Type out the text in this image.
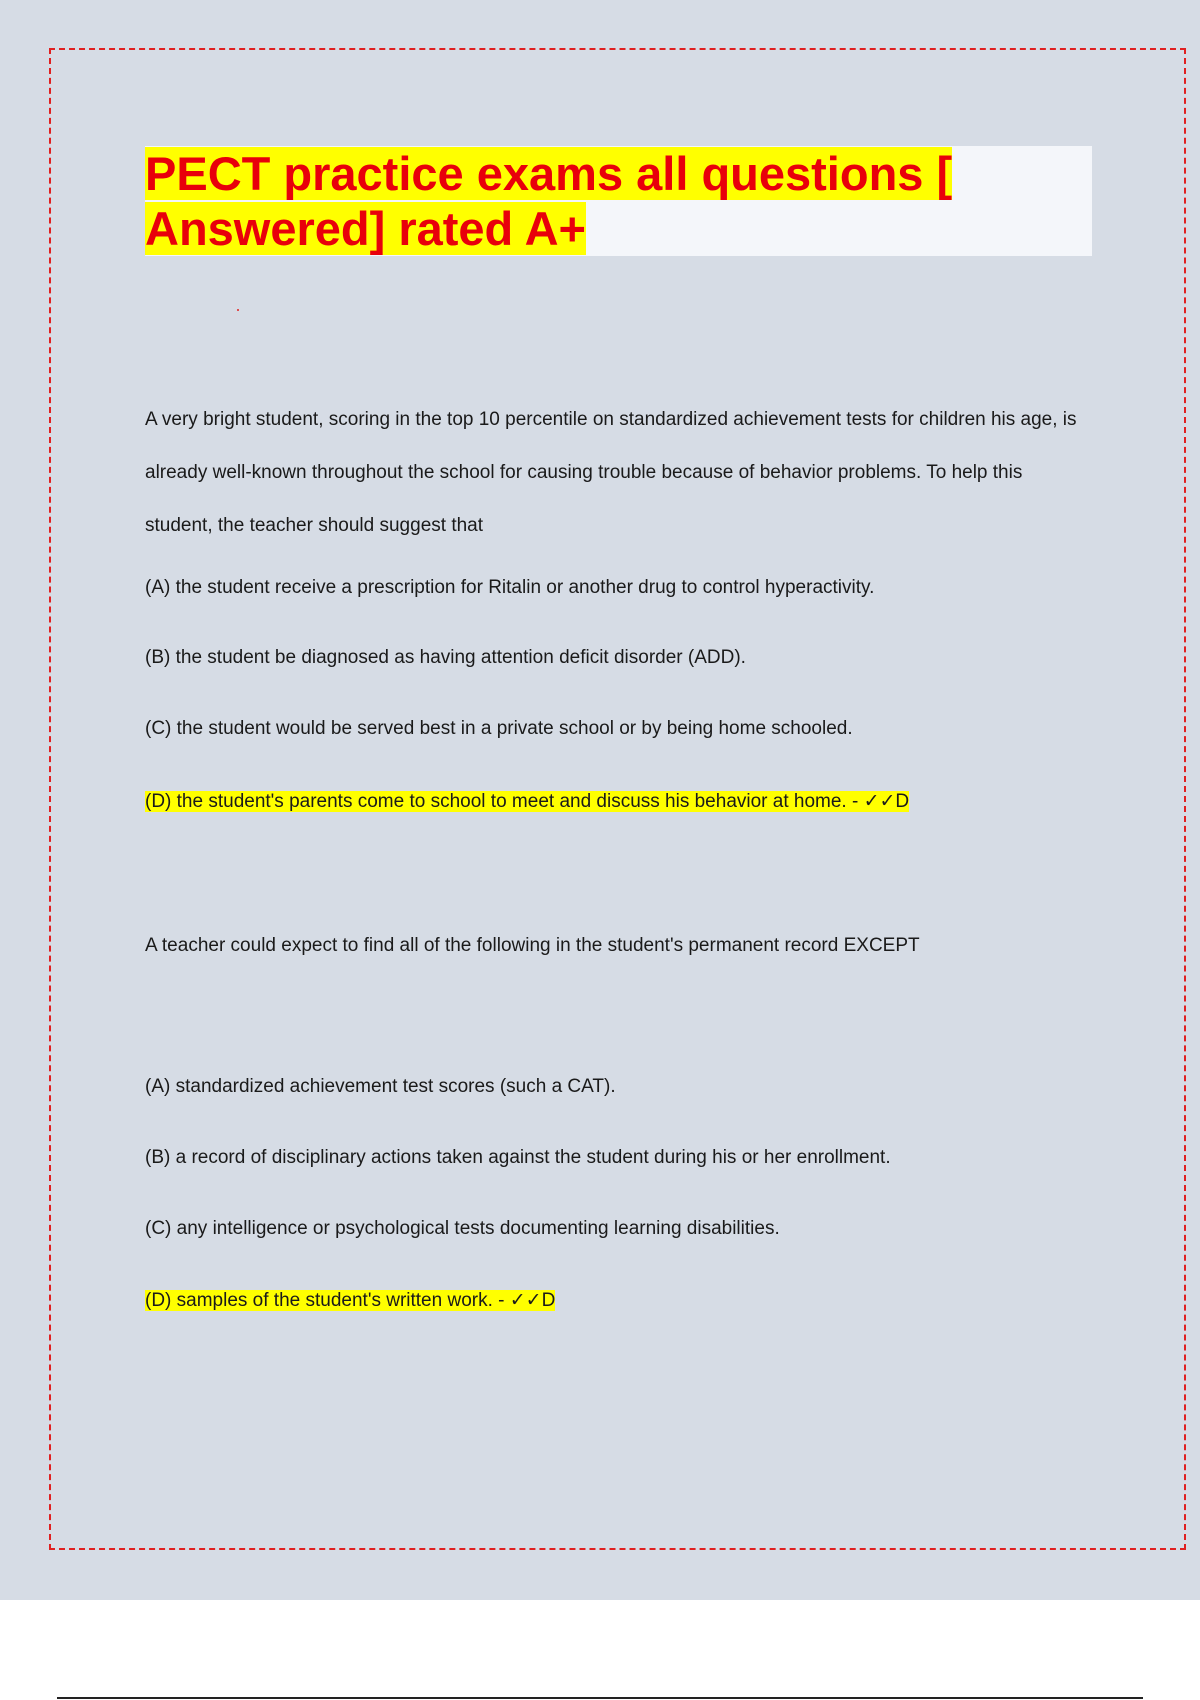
PECT practice exams all questions [
Answered] rated A+

A very bright student, scoring in the top 10 percentile on standardized achievement tests for children his age, is already well-known throughout the school for causing trouble because of behavior problems. To help this student, the teacher should suggest that

(A) the student receive a prescription for Ritalin or another drug to control hyperactivity.

(B) the student be diagnosed as having attention deficit disorder (ADD).

(C) the student would be served best in a private school or by being home schooled.

(D) the student's parents come to school to meet and discuss his behavior at home. - ✓✓D

A teacher could expect to find all of the following in the student's permanent record EXCEPT

(A) standardized achievement test scores (such a CAT).

(B) a record of disciplinary actions taken against the student during his or her enrollment.

(C) any intelligence or psychological tests documenting learning disabilities.

(D) samples of the student's written work. - ✓✓D
